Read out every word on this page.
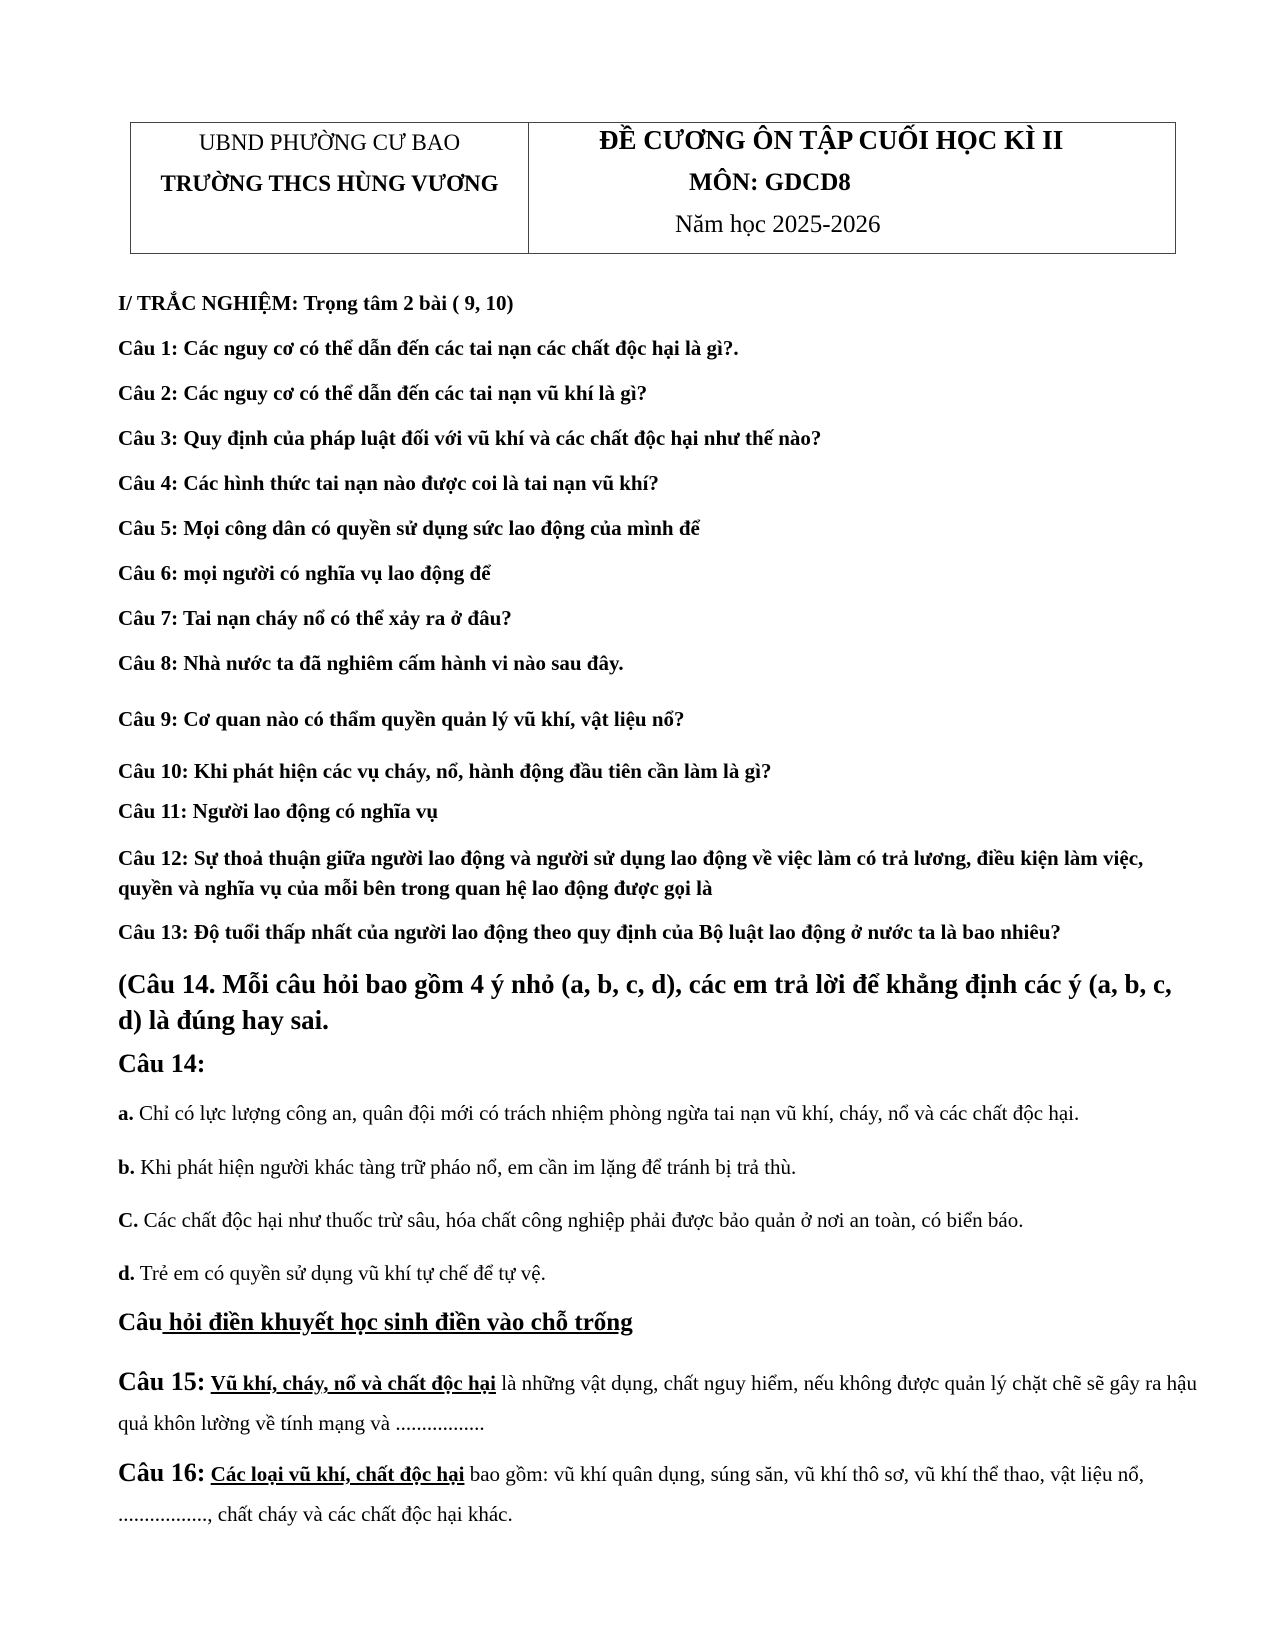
UBND PHƯỜNG CƯ BAO
TRƯỜNG THCS HÙNG VƯƠNG
ĐỀ CƯƠNG ÔN TẬP CUỐI HỌC KÌ II
MÔN: GDCD8
Năm học 2025-2026
I/ TRẮC NGHIỆM: Trọng tâm 2 bài ( 9, 10)
Câu 1: Các nguy cơ có thể dẫn đến các tai nạn các chất độc hại là gì?.
Câu 2: Các nguy cơ có thể dẫn đến các tai nạn vũ khí là gì?
Câu 3: Quy định của pháp luật đối với vũ khí và các chất độc hại như thế nào?
Câu 4: Các hình thức tai nạn nào được coi là tai nạn vũ khí?
Câu 5: Mọi công dân có quyền sử dụng sức lao động của mình để
Câu 6: mọi người có nghĩa vụ lao động để
Câu 7: Tai nạn cháy nổ có thể xảy ra ở đâu?
Câu 8: Nhà nước ta đã nghiêm cấm hành vi nào sau đây.
Câu 9: Cơ quan nào có thẩm quyền quản lý vũ khí, vật liệu nổ?
Câu 10: Khi phát hiện các vụ cháy, nổ, hành động đầu tiên cần làm là gì?
Câu 11: Người lao động có nghĩa vụ
Câu 12: Sự thoả thuận giữa người lao động và người sử dụng lao động về việc làm có trả lương, điều kiện làm việc, quyền và nghĩa vụ của mỗi bên trong quan hệ lao động được gọi là
Câu 13: Độ tuổi thấp nhất của người lao động theo quy định của Bộ luật lao động ở nước ta là bao nhiêu?
(Câu 14. Mỗi câu hỏi bao gồm 4 ý nhỏ (a, b, c, d), các em trả lời để khẳng định các ý (a, b, c, d) là đúng hay sai.
Câu 14:
a. Chỉ có lực lượng công an, quân đội mới có trách nhiệm phòng ngừa tai nạn vũ khí, cháy, nổ và các chất độc hại.
b. Khi phát hiện người khác tàng trữ pháo nổ, em cần im lặng để tránh bị trả thù.
C. Các chất độc hại như thuốc trừ sâu, hóa chất công nghiệp phải được bảo quản ở nơi an toàn, có biển báo.
d. Trẻ em có quyền sử dụng vũ khí tự chế để tự vệ.
Câu hỏi điền khuyết học sinh điền vào chỗ trống
Câu 15: Vũ khí, cháy, nổ và chất độc hại là những vật dụng, chất nguy hiểm, nếu không được quản lý chặt chẽ sẽ gây ra hậu quả khôn lường về tính mạng và .................
Câu 16: Các loại vũ khí, chất độc hại bao gồm: vũ khí quân dụng, súng săn, vũ khí thô sơ, vũ khí thể thao, vật liệu nổ, ................., chất cháy và các chất độc hại khác.
